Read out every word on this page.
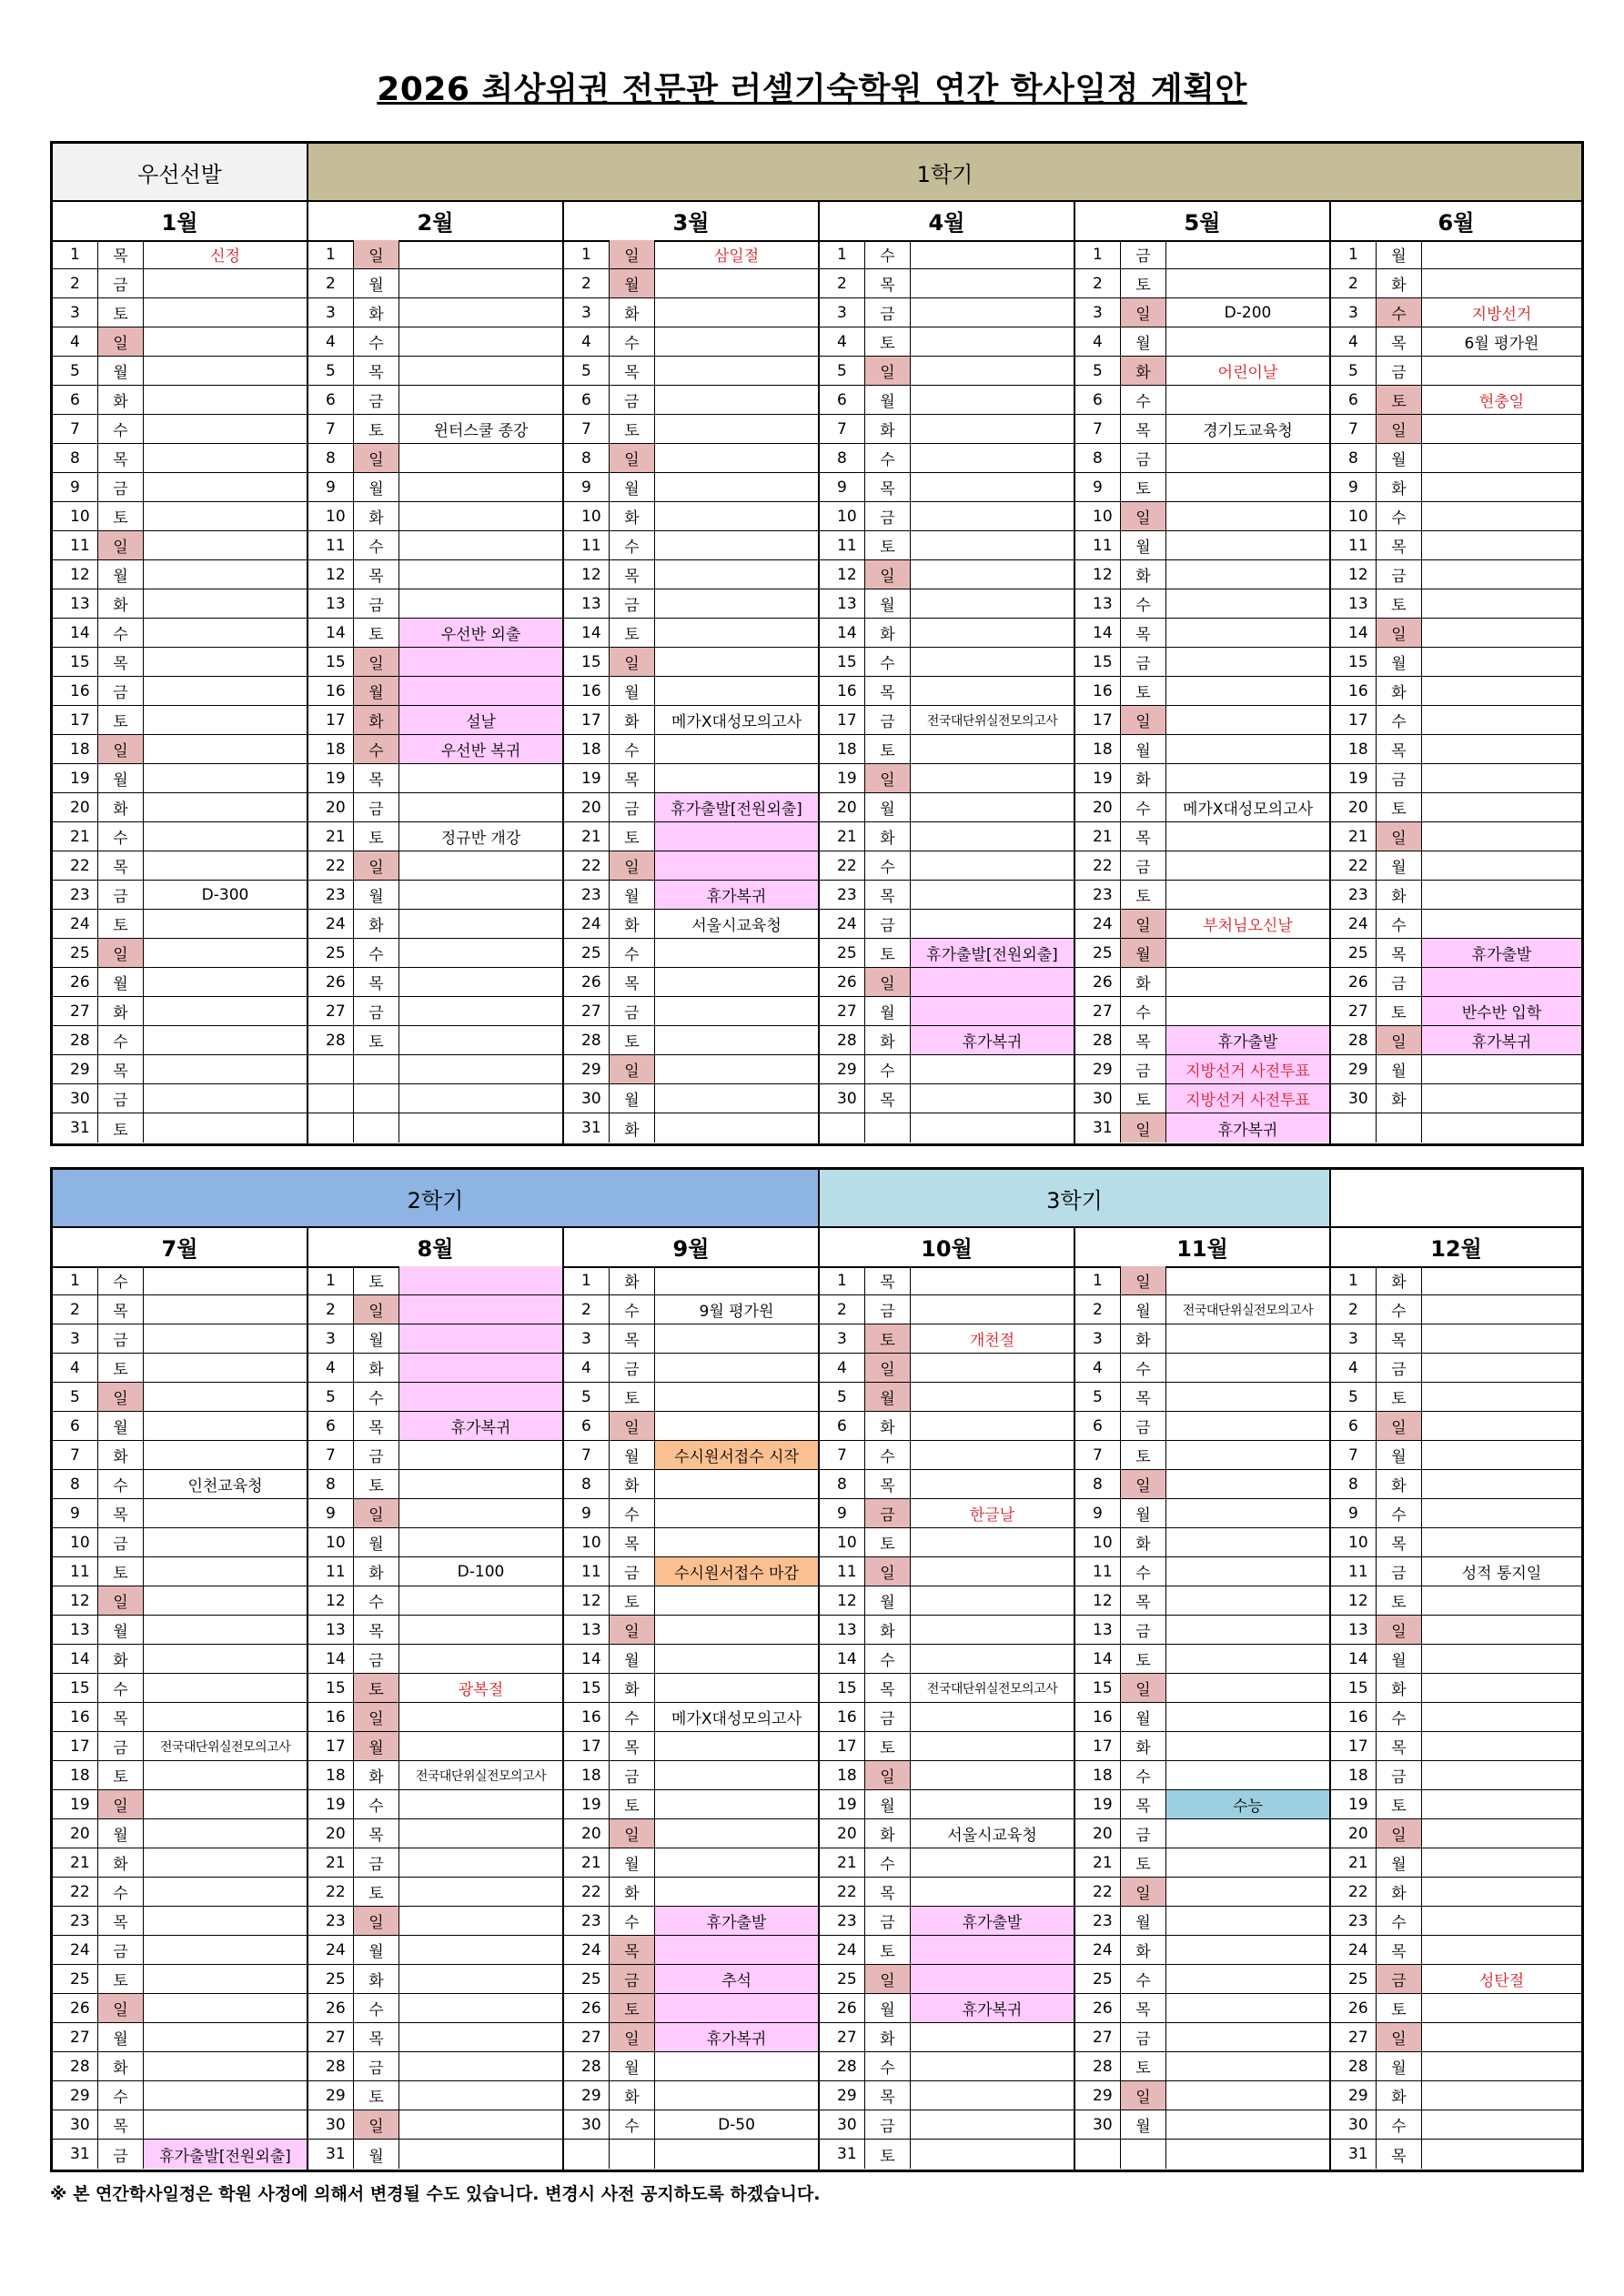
2026 최상위권 전문관 러셀기숙학원 연간 학사일정 계획안
우선선발	1학기
1월	2월	3월	4월	5월	6월
1	목	신정
2	금
3	토
4	일
5	월
6	화
7	수
8	목
9	금
10	토
11	일
12	월
13	화
14	수
15	목
16	금
17	토
18	일
19	월
20	화
21	수
22	목
23	금	D-300
24	토
25	일
26	월
27	화
28	수
29	목
30	금
31	토
1	일
2	월
3	화
4	수
5	목
6	금
7	토	윈터스쿨 종강
8	일
9	월
10	화
11	수
12	목
13	금
14	토	우선반 외출
15	일
16	월
17	화	설날
18	수	우선반 복귀
19	목
20	금
21	토	정규반 개강
22	일
23	월
24	화
25	수
26	목
27	금
28	토
1	일	삼일절
2	월
3	화
4	수
5	목
6	금
7	토
8	일
9	월
10	화
11	수
12	목
13	금
14	토
15	일
16	월
17	화	메가X대성모의고사
18	수
19	목
20	금	휴가출발[전원외출]
21	토
22	일
23	월	휴가복귀
24	화	서울시교육청
25	수
26	목
27	금
28	토
29	일
30	월
31	화
1	수
2	목
3	금
4	토
5	일
6	월
7	화
8	수
9	목
10	금
11	토
12	일
13	월
14	화
15	수
16	목
17	금	전국대단위실전모의고사
18	토
19	일
20	월
21	화
22	수
23	목
24	금
25	토	휴가출발[전원외출]
26	일
27	월
28	화	휴가복귀
29	수
30	목
1	금
2	토
3	일	D-200
4	월
5	화	어린이날
6	수
7	목	경기도교육청
8	금
9	토
10	일
11	월
12	화
13	수
14	목
15	금
16	토
17	일
18	월
19	화
20	수	메가X대성모의고사
21	목
22	금
23	토
24	일	부처님오신날
25	월
26	화
27	수
28	목	휴가출발
29	금	지방선거 사전투표
30	토	지방선거 사전투표
31	일	휴가복귀
1	월
2	화
3	수	지방선거
4	목	6월 평가원
5	금
6	토	현충일
7	일
8	월
9	화
10	수
11	목
12	금
13	토
14	일
15	월
16	화
17	수
18	목
19	금
20	토
21	일
22	월
23	화
24	수
25	목	휴가출발
26	금
27	토	반수반 입학
28	일	휴가복귀
29	월
30	화
2학기	3학기
7월	8월	9월	10월	11월	12월
1	수
2	목
3	금
4	토
5	일
6	월
7	화
8	수	인천교육청
9	목
10	금
11	토
12	일
13	월
14	화
15	수
16	목
17	금	전국대단위실전모의고사
18	토
19	일
20	월
21	화
22	수
23	목
24	금
25	토
26	일
27	월
28	화
29	수
30	목
31	금	휴가출발[전원외출]
1	토
2	일
3	월
4	화
5	수
6	목	휴가복귀
7	금
8	토
9	일
10	월
11	화	D-100
12	수
13	목
14	금
15	토	광복절
16	일
17	월
18	화	전국대단위실전모의고사
19	수
20	목
21	금
22	토
23	일
24	월
25	화
26	수
27	목
28	금
29	토
30	일
31	월
1	화
2	수	9월 평가원
3	목
4	금
5	토
6	일
7	월	수시원서접수 시작
8	화
9	수
10	목
11	금	수시원서접수 마감
12	토
13	일
14	월
15	화
16	수	메가X대성모의고사
17	목
18	금
19	토
20	일
21	월
22	화
23	수	휴가출발
24	목
25	금	추석
26	토
27	일	휴가복귀
28	월
29	화
30	수	D-50
1	목
2	금
3	토	개천절
4	일
5	월
6	화
7	수
8	목
9	금	한글날
10	토
11	일
12	월
13	화
14	수
15	목	전국대단위실전모의고사
16	금
17	토
18	일
19	월
20	화	서울시교육청
21	수
22	목
23	금	휴가출발
24	토
25	일
26	월	휴가복귀
27	화
28	수
29	목
30	금
31	토
1	일
2	월	전국대단위실전모의고사
3	화
4	수
5	목
6	금
7	토
8	일
9	월
10	화
11	수
12	목
13	금
14	토
15	일
16	월
17	화
18	수
19	목	수능
20	금
21	토
22	일
23	월
24	화
25	수
26	목
27	금
28	토
29	일
30	월
1	화
2	수
3	목
4	금
5	토
6	일
7	월
8	화
9	수
10	목
11	금	성적 통지일
12	토
13	일
14	월
15	화
16	수
17	목
18	금
19	토
20	일
21	월
22	화
23	수
24	목
25	금	성탄절
26	토
27	일
28	월
29	화
30	수
31	목
※ 본 연간학사일정은 학원 사정에 의해서 변경될 수도 있습니다. 변경시 사전 공지하도록 하겠습니다.
